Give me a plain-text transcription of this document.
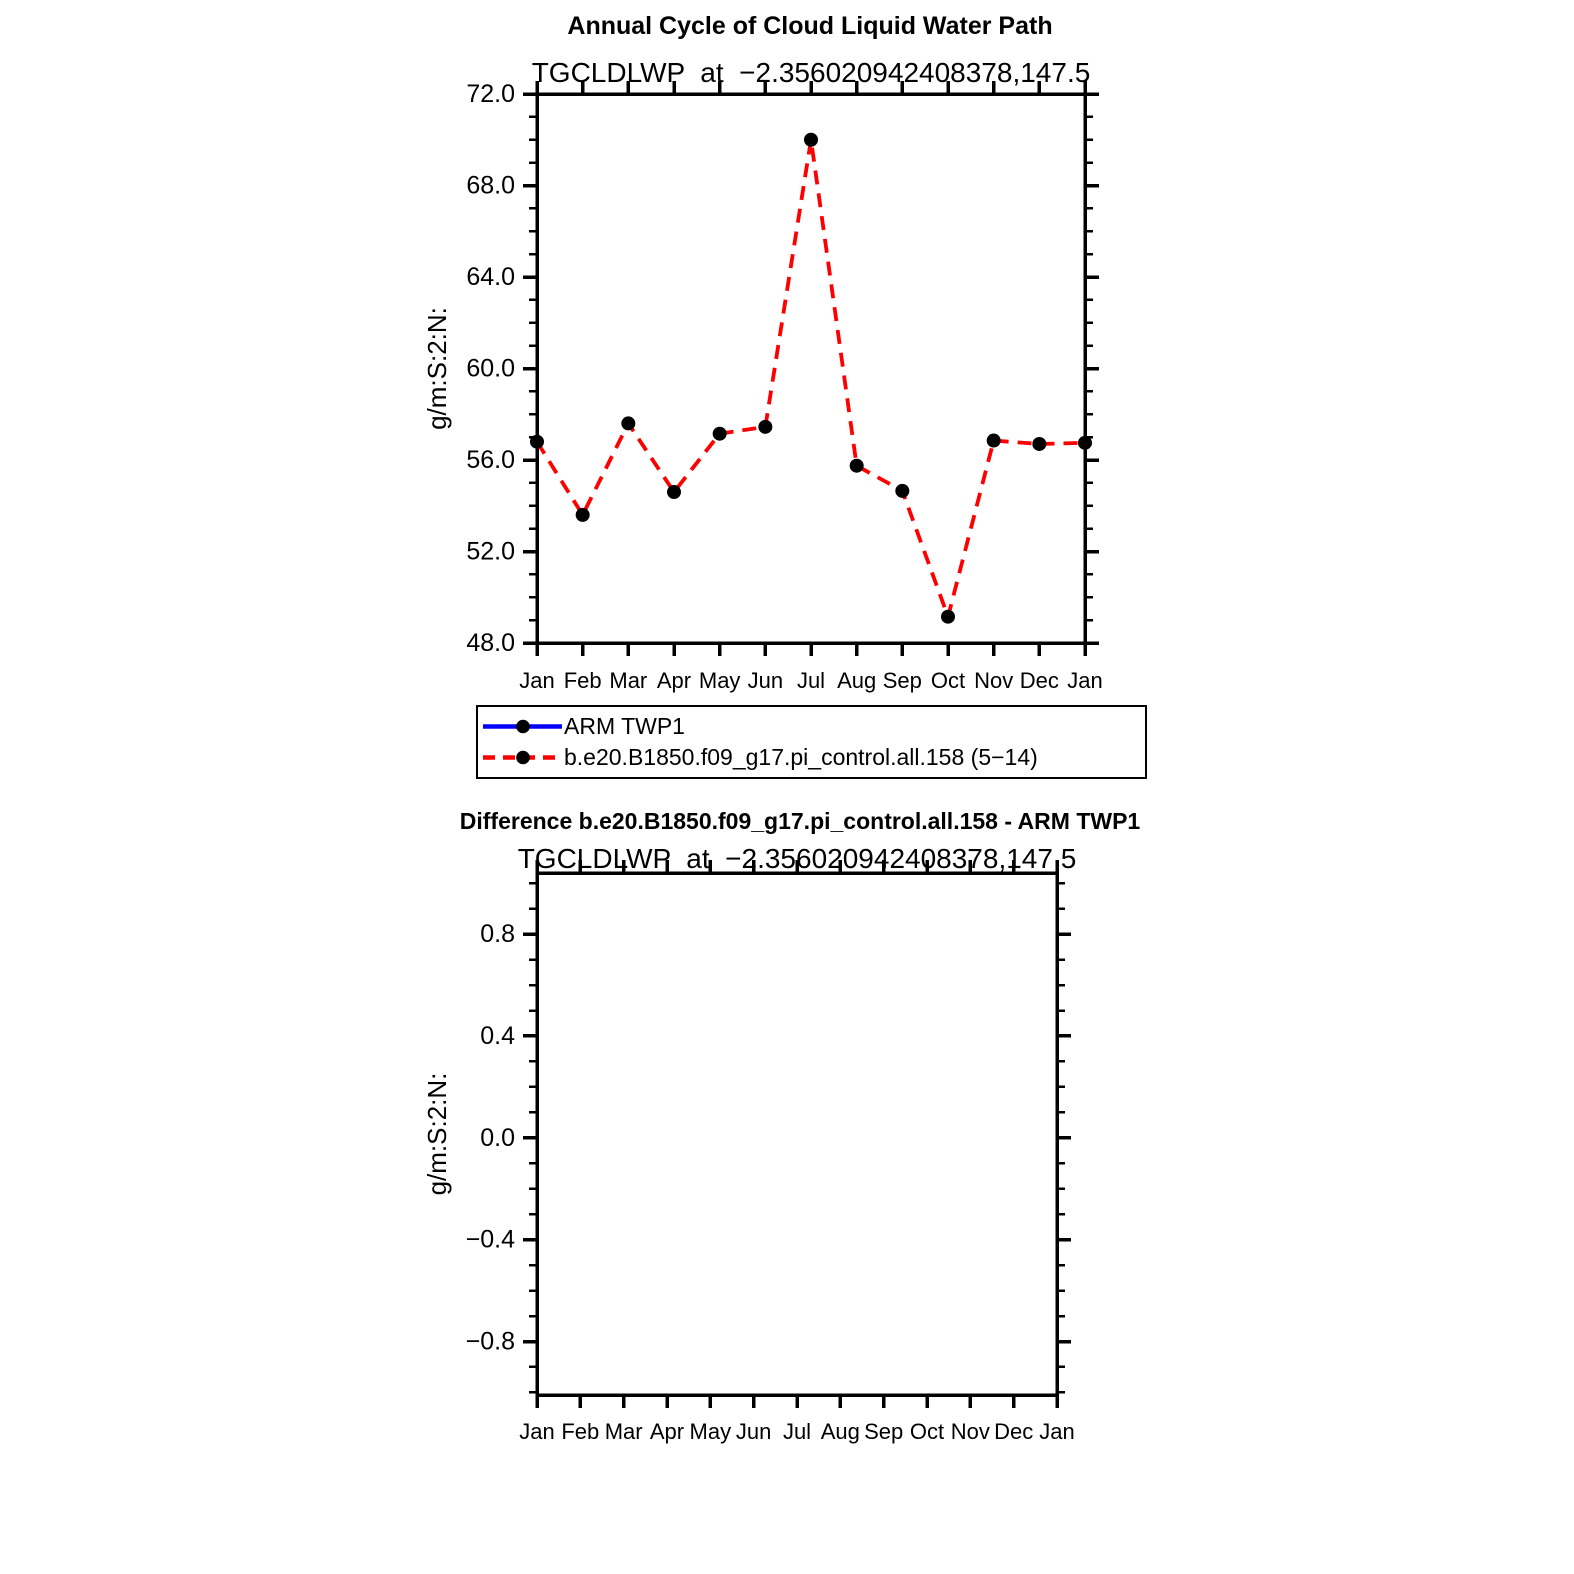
Annual Cycle of Cloud Liquid Water Path
TGCLDLWP  at  −2.356020942408378,147.5
Difference b.e20.B1850.f09_g17.pi_control.all.158 - ARM TWP1
TGCLDLWP  at  −2.356020942408378,147.5
48.0
52.0
56.0
60.0
64.0
68.0
72.0
Jan Feb Mar Apr May Jun Jul Aug Sep Oct Nov Dec Jan
g/m:S:2:N:
−0.8
−0.4
0.0
0.4
0.8
Jan Feb Mar Apr May Jun Jul Aug Sep Oct Nov Dec Jan
g/m:S:2:N:
ARM TWP1
b.e20.B1850.f09_g17.pi_control.all.158 (5−14)
